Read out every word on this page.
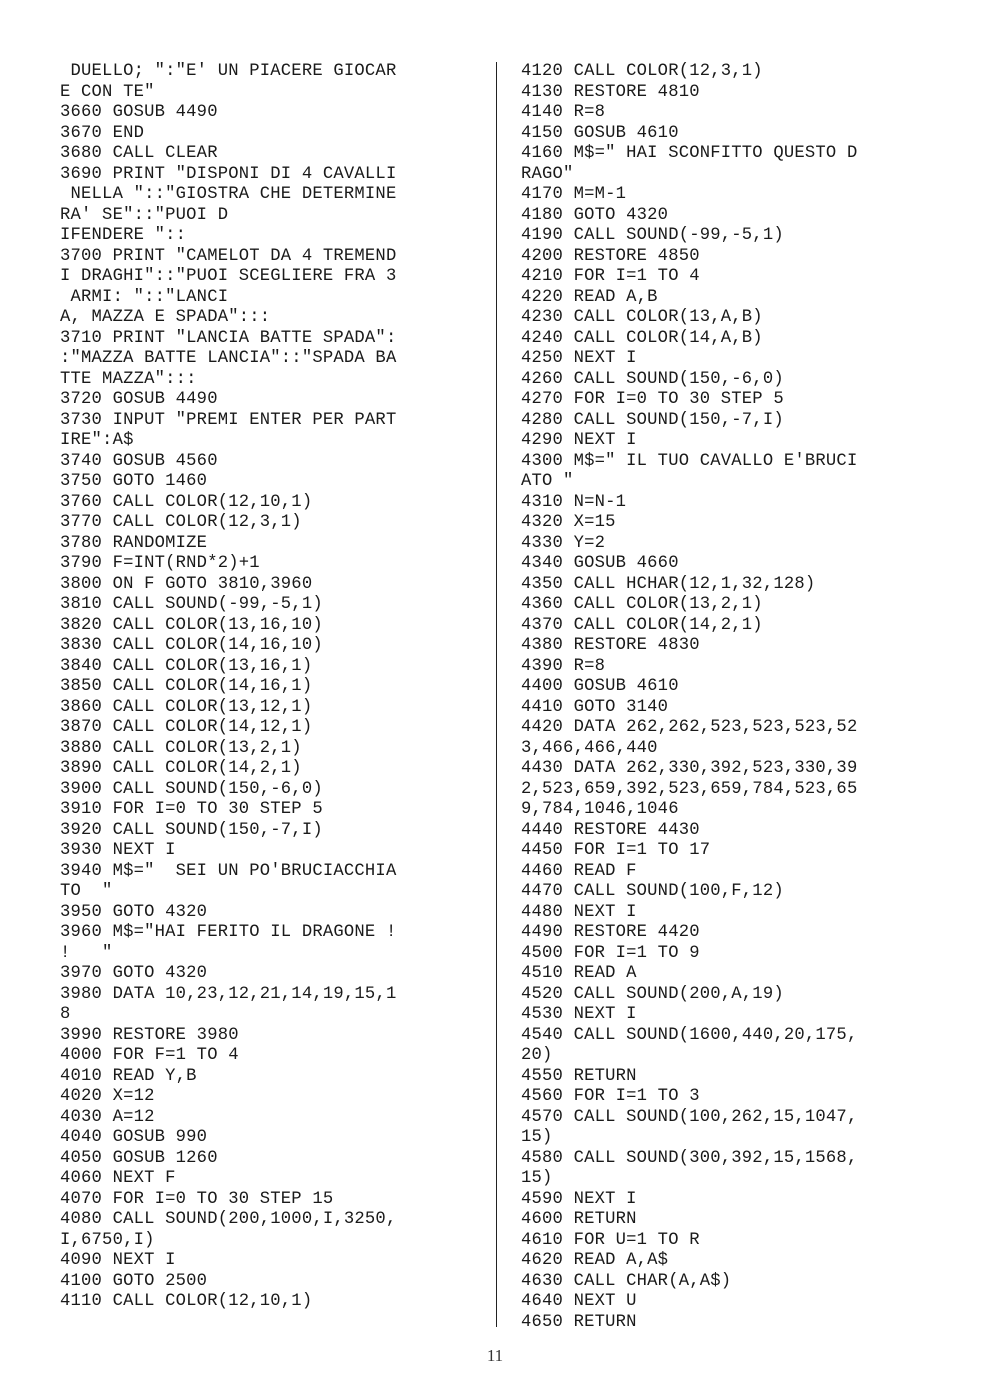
DUELLO; ":"E' UN PIACERE GIOCAR
E CON TE"
3660 GOSUB 4490
3670 END
3680 CALL CLEAR
3690 PRINT "DISPONI DI 4 CAVALLI
NELLA "::"GIOSTRA CHE DETERMINE
RA' SE"::"PUOI D
IFENDERE "::
3700 PRINT "CAMELOT DA 4 TREMEND
I DRAGHI"::"PUOI SCEGLIERE FRA 3
ARMI: "::"LANCI
A, MAZZA E SPADA":::
3710 PRINT "LANCIA BATTE SPADA":
:"MAZZA BATTE LANCIA"::"SPADA BA
TTE MAZZA":::
3720 GOSUB 4490
3730 INPUT "PREMI ENTER PER PART
IRE":A$
3740 GOSUB 4560
3750 GOTO 1460
3760 CALL COLOR(12,10,1)
3770 CALL COLOR(12,3,1)
3780 RANDOMIZE
3790 F=INT(RND*2)+1
3800 ON F GOTO 3810,3960
3810 CALL SOUND(-99,-5,1)
3820 CALL COLOR(13,16,10)
3830 CALL COLOR(14,16,10)
3840 CALL COLOR(13,16,1)
3850 CALL COLOR(14,16,1)
3860 CALL COLOR(13,12,1)
3870 CALL COLOR(14,12,1)
3880 CALL COLOR(13,2,1)
3890 CALL COLOR(14,2,1)
3900 CALL SOUND(150,-6,0)
3910 FOR I=0 TO 30 STEP 5
3920 CALL SOUND(150,-7,I)
3930 NEXT I
3940 M$="  SEI UN PO'BRUCIACCHIA
TO  "
3950 GOTO 4320
3960 M$="HAI FERITO IL DRAGONE !
!   "
3970 GOTO 4320
3980 DATA 10,23,12,21,14,19,15,1
8
3990 RESTORE 3980
4000 FOR F=1 TO 4
4010 READ Y,B
4020 X=12
4030 A=12
4040 GOSUB 990
4050 GOSUB 1260
4060 NEXT F
4070 FOR I=0 TO 30 STEP 15
4080 CALL SOUND(200,1000,I,3250,
I,6750,I)
4090 NEXT I
4100 GOTO 2500
4110 CALL COLOR(12,10,1)
4120 CALL COLOR(12,3,1)
4130 RESTORE 4810
4140 R=8
4150 GOSUB 4610
4160 M$=" HAI SCONFITTO QUESTO D
RAGO"
4170 M=M-1
4180 GOTO 4320
4190 CALL SOUND(-99,-5,1)
4200 RESTORE 4850
4210 FOR I=1 TO 4
4220 READ A,B
4230 CALL COLOR(13,A,B)
4240 CALL COLOR(14,A,B)
4250 NEXT I
4260 CALL SOUND(150,-6,0)
4270 FOR I=0 TO 30 STEP 5
4280 CALL SOUND(150,-7,I)
4290 NEXT I
4300 M$=" IL TUO CAVALLO E'BRUCI
ATO "
4310 N=N-1
4320 X=15
4330 Y=2
4340 GOSUB 4660
4350 CALL HCHAR(12,1,32,128)
4360 CALL COLOR(13,2,1)
4370 CALL COLOR(14,2,1)
4380 RESTORE 4830
4390 R=8
4400 GOSUB 4610
4410 GOTO 3140
4420 DATA 262,262,523,523,523,52
3,466,466,440
4430 DATA 262,330,392,523,330,39
2,523,659,392,523,659,784,523,65
9,784,1046,1046
4440 RESTORE 4430
4450 FOR I=1 TO 17
4460 READ F
4470 CALL SOUND(100,F,12)
4480 NEXT I
4490 RESTORE 4420
4500 FOR I=1 TO 9
4510 READ A
4520 CALL SOUND(200,A,19)
4530 NEXT I
4540 CALL SOUND(1600,440,20,175,
20)
4550 RETURN
4560 FOR I=1 TO 3
4570 CALL SOUND(100,262,15,1047,
15)
4580 CALL SOUND(300,392,15,1568,
15)
4590 NEXT I
4600 RETURN
4610 FOR U=1 TO R
4620 READ A,A$
4630 CALL CHAR(A,A$)
4640 NEXT U
4650 RETURN
11
